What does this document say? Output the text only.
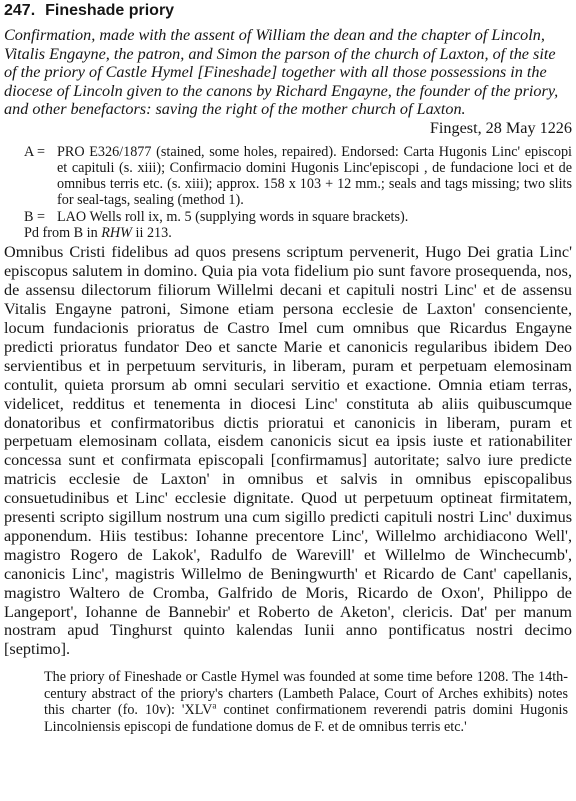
247. Fineshade priory

Confirmation, made with the assent of William the dean and the chapter of Lincoln, Vitalis Engayne, the patron, and Simon the parson of the church of Laxton, of the site of the priory of Castle Hymel [Fineshade] together with all those possessions in the diocese of Lincoln given to the canons by Richard Engayne, the founder of the priory, and other benefactors: saving the right of the mother church of Laxton.

Fingest, 28 May 1226
A = PRO E326/1877 (stained, some holes, repaired). Endorsed: Carta Hugonis Linc' episcopi et capituli (s. xiii); Confirmacio domini Hugonis Linc'episcopi , de fundacione loci et de omnibus terris etc. (s. xiii); approx. 158 x 103 + 12 mm.; seals and tags missing; two slits for seal-tags, sealing (method 1).
B = LAO Wells roll ix, m. 5 (supplying words in square brackets).
Pd from B in RHW ii 213.
Omnibus Cristi fidelibus ad quos presens scriptum pervenerit, Hugo Dei gratia Linc' episcopus salutem in domino. Quia pia vota fidelium pio sunt favore prosequenda, nos, de assensu dilectorum filiorum Willelmi decani et capituli nostri Linc' et de assensu Vitalis Engayne patroni, Simone etiam persona ecclesie de Laxton' consenciente, locum fundacionis prioratus de Castro Imel cum omnibus que Ricardus Engayne predicti prioratus fundator Deo et sancte Marie et canonicis regularibus ibidem Deo servientibus et in perpetuum servituris, in liberam, puram et perpetuam elemosinam contulit, quieta prorsum ab omni seculari servitio et exactione. Omnia etiam terras, videlicet, redditus et tenementa in diocesi Linc' constituta ab aliis quibuscumque donatoribus et confirmatoribus dictis prioratui et canonicis in liberam, puram et perpetuam elemosinam collata, eisdem canonicis sicut ea ipsis iuste et rationabiliter concessa sunt et confirmata episcopali [confirmamus] autoritate; salvo iure predicte matricis ecclesie de Laxton' in omnibus et salvis in omnibus episcopalibus consuetudinibus et Linc' ecclesie dignitate. Quod ut perpetuum optineat firmitatem, presenti scripto sigillum nostrum una cum sigillo predicti capituli nostri Linc' duximus apponendum. Hiis testibus: Iohanne precentore Linc', Willelmo archidiacono Well', magistro Rogero de Lakok', Radulfo de Warevill' et Willelmo de Winchecumb', canonicis Linc', magistris Willelmo de Beningwurth' et Ricardo de Cant' capellanis, magistro Waltero de Cromba, Galfrido de Moris, Ricardo de Oxon', Philippo de Langeport', Iohanne de Bannebir' et Roberto de Aketon', clericis. Dat' per manum nostram apud Tinghurst quinto kalendas Iunii anno pontificatus nostri decimo [septimo].
The priory of Fineshade or Castle Hymel was founded at some time before 1208. The 14th-century abstract of the priory's charters (Lambeth Palace, Court of Arches exhibits) notes this charter (fo. 10v): 'XLV$^a$ continet confirmationem reverendi patris domini Hugonis Lincolniensis episcopi de fundatione domus de F. et de omnibus terris etc.'
